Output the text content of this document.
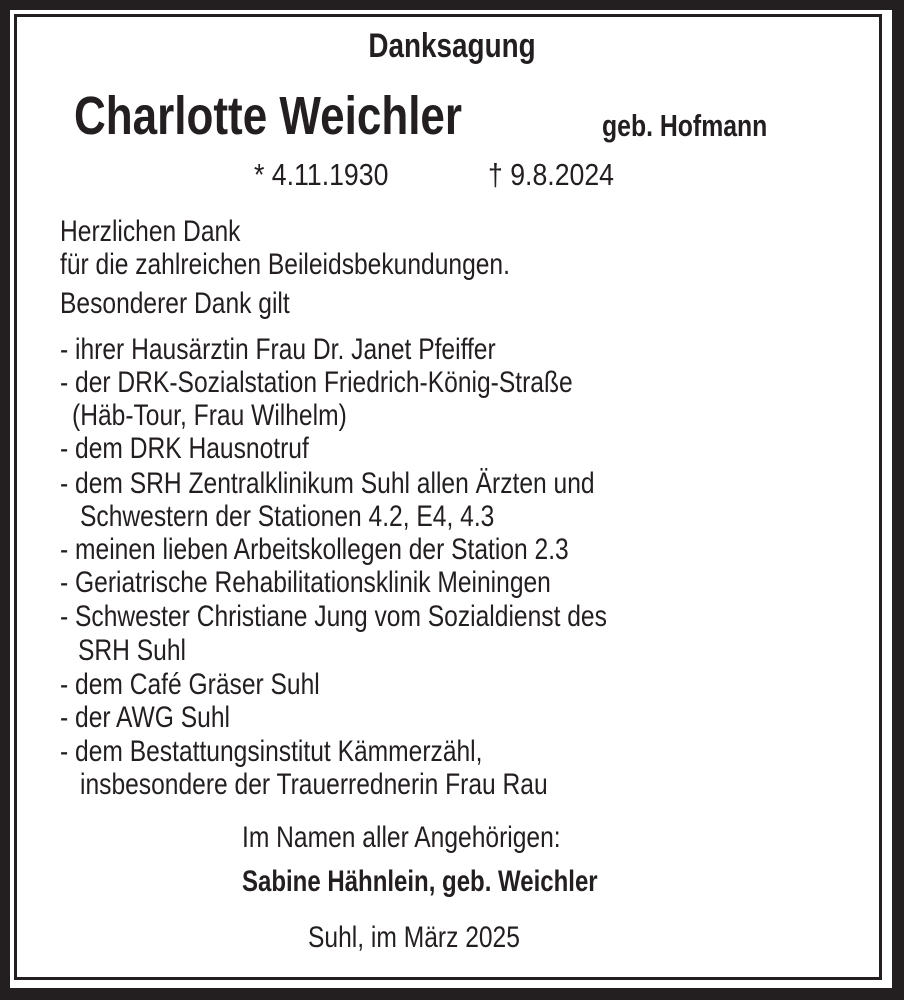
Danksagung
Charlotte Weichler	geb. Hofmann
* 4.11.1930	† 9.8.2024
Herzlichen Dank
für die zahlreichen Beileidsbekundungen.
Besonderer Dank gilt
- ihrer Hausärztin Frau Dr. Janet Pfeiffer
- der DRK-Sozialstation Friedrich-König-Straße
(Häb-Tour, Frau Wilhelm)
- dem DRK Hausnotruf
- dem SRH Zentralklinikum Suhl allen Ärzten und
Schwestern der Stationen 4.2, E4, 4.3
- meinen lieben Arbeitskollegen der Station 2.3
- Geriatrische Rehabilitationsklinik Meiningen
- Schwester Christiane Jung vom Sozialdienst des
SRH Suhl
- dem Café Gräser Suhl
- der AWG Suhl
- dem Bestattungsinstitut Kämmerzähl,
insbesondere der Trauerrednerin Frau Rau
Im Namen aller Angehörigen:
Sabine Hähnlein, geb. Weichler
Suhl, im März 2025
